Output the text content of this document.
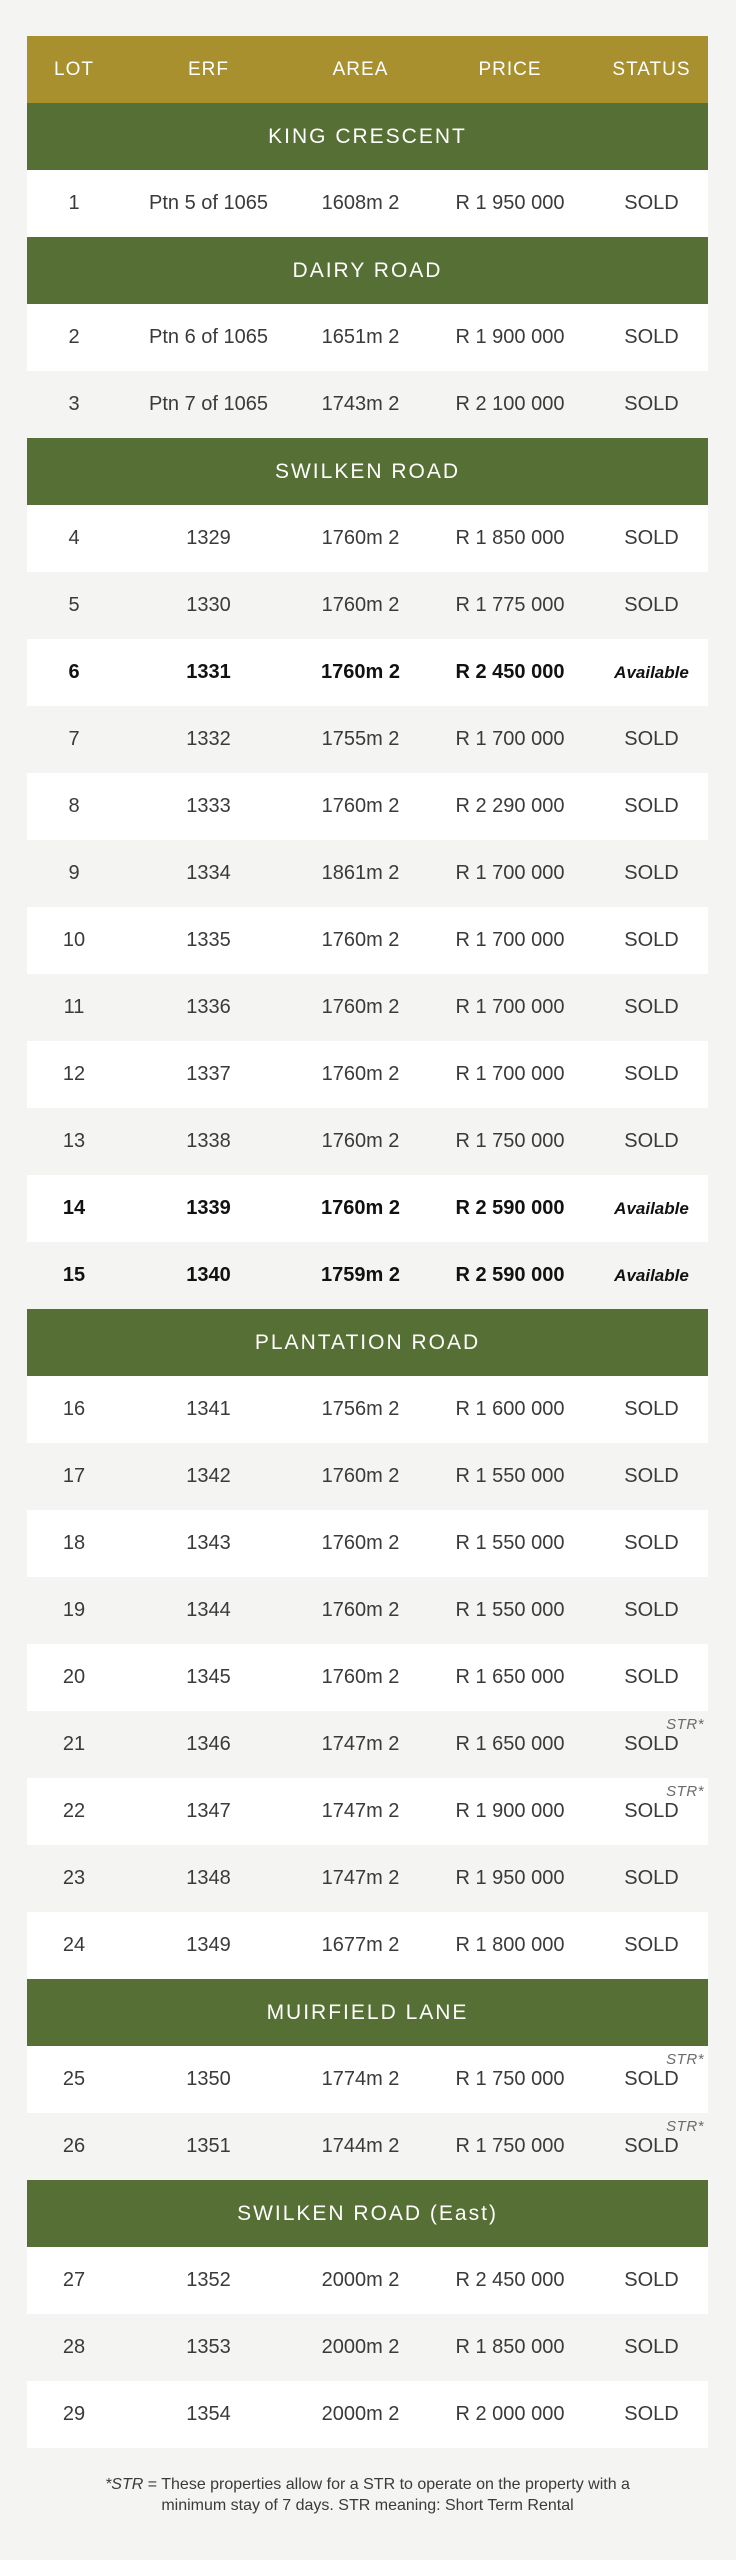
LOT	ERF	AREA	PRICE	STATUS
KING CRESCENT
1	Ptn 5 of 1065	1608m 2	R 1 950 000	SOLD
DAIRY ROAD
2	Ptn 6 of 1065	1651m 2	R 1 900 000	SOLD
3	Ptn 7 of 1065	1743m 2	R 2 100 000	SOLD
SWILKEN ROAD
4	1329	1760m 2	R 1 850 000	SOLD
5	1330	1760m 2	R 1 775 000	SOLD
6	1331	1760m 2	R 2 450 000	Available
7	1332	1755m 2	R 1 700 000	SOLD
8	1333	1760m 2	R 2 290 000	SOLD
9	1334	1861m 2	R 1 700 000	SOLD
10	1335	1760m 2	R 1 700 000	SOLD
11	1336	1760m 2	R 1 700 000	SOLD
12	1337	1760m 2	R 1 700 000	SOLD
13	1338	1760m 2	R 1 750 000	SOLD
14	1339	1760m 2	R 2 590 000	Available
15	1340	1759m 2	R 2 590 000	Available
PLANTATION ROAD
16	1341	1756m 2	R 1 600 000	SOLD
17	1342	1760m 2	R 1 550 000	SOLD
18	1343	1760m 2	R 1 550 000	SOLD
19	1344	1760m 2	R 1 550 000	SOLD
20	1345	1760m 2	R 1 650 000	SOLD
21	1346	1747m 2	R 1 650 000	SOLD
STR*
22	1347	1747m 2	R 1 900 000	SOLD
STR*
23	1348	1747m 2	R 1 950 000	SOLD
24	1349	1677m 2	R 1 800 000	SOLD
MUIRFIELD LANE
25	1350	1774m 2	R 1 750 000	SOLD
STR*
26	1351	1744m 2	R 1 750 000	SOLD
STR*
SWILKEN ROAD (East)
27	1352	2000m 2	R 2 450 000	SOLD
28	1353	2000m 2	R 1 850 000	SOLD
29	1354	2000m 2	R 2 000 000	SOLD
*STR = These properties allow for a STR to operate on the property with a
minimum stay of 7 days. STR meaning: Short Term Rental
